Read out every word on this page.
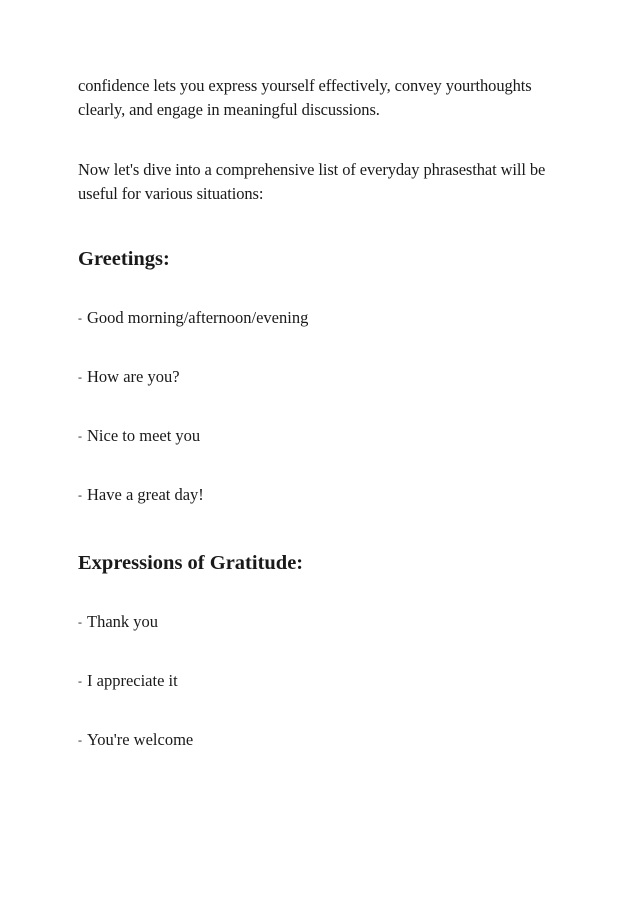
confidence lets you express yourself effectively, convey yourthoughts clearly, and engage in meaningful discussions.

Now let's dive into a comprehensive list of everyday phrasesthat will be useful for various situations:

Greetings:
- Good morning/afternoon/evening
- How are you?
- Nice to meet you
- Have a great day!
Expressions of Gratitude:
- Thank you
- I appreciate it
- You're welcome
